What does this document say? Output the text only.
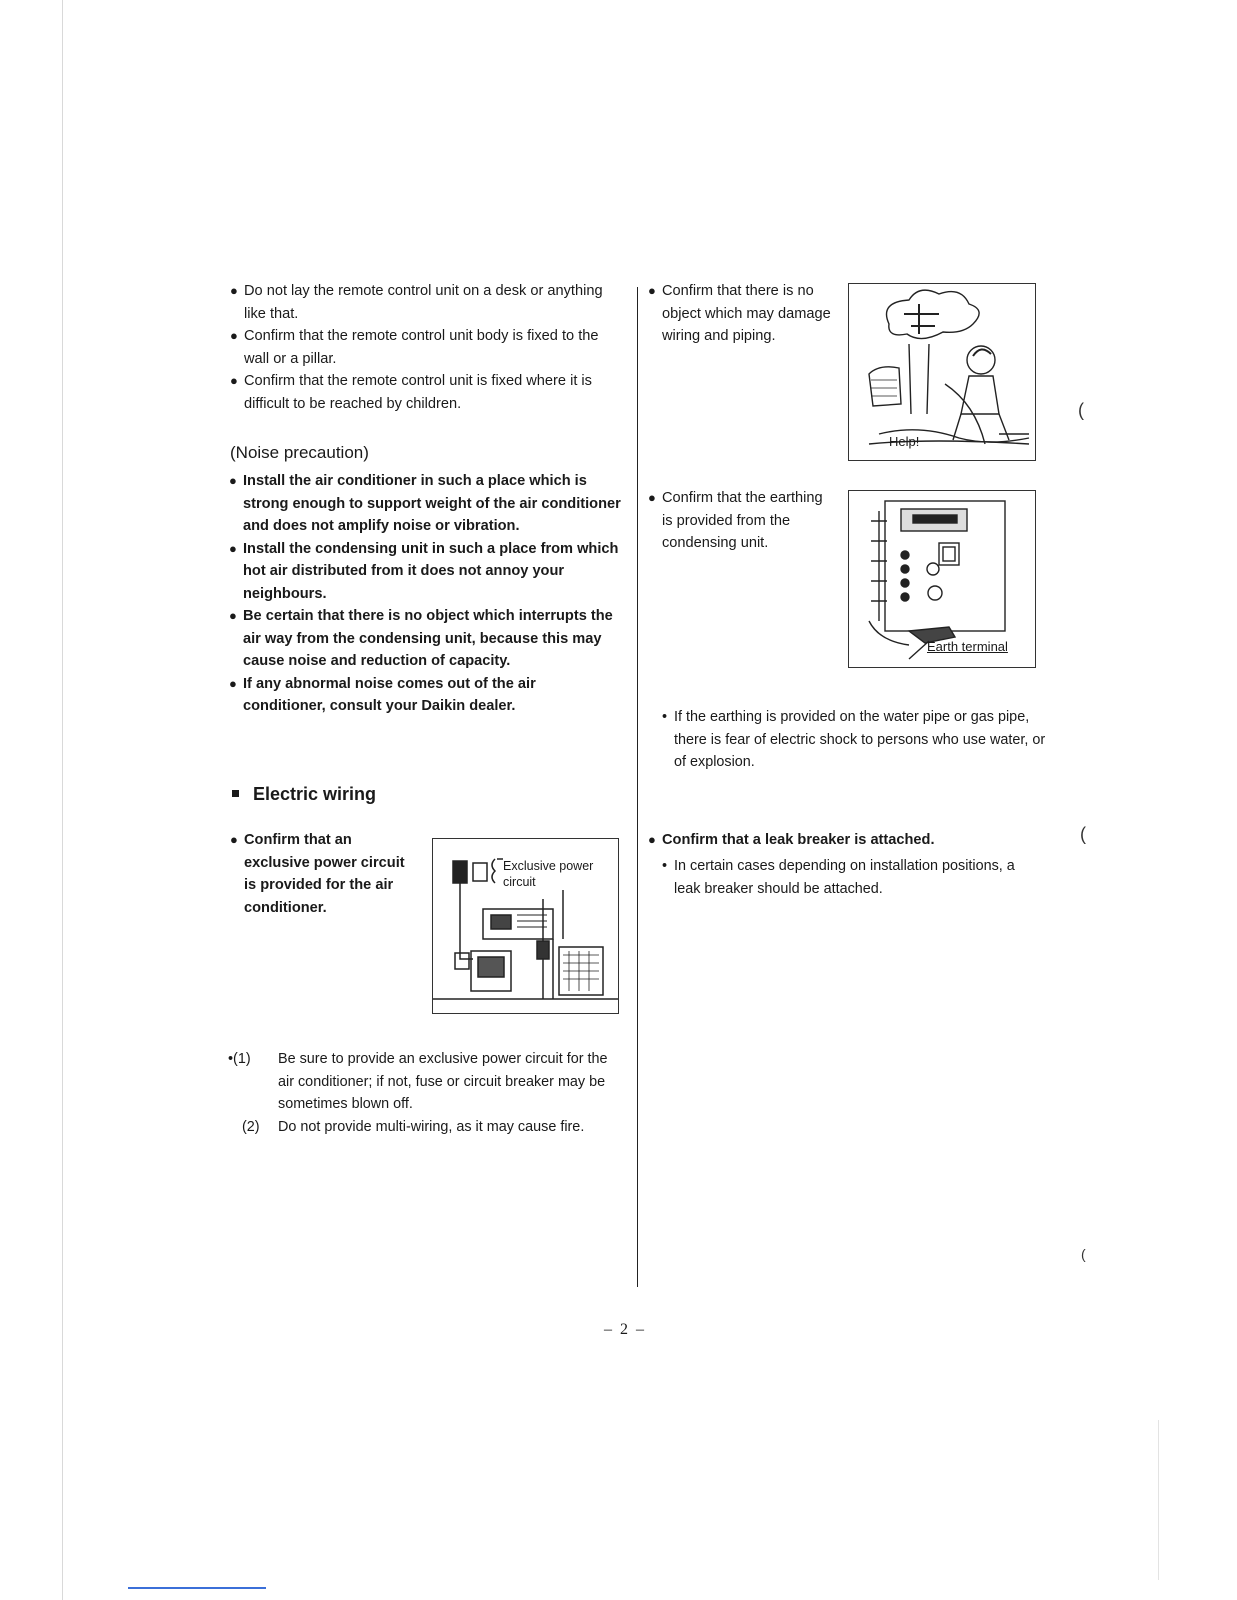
● Do not lay the remote control unit on a desk or anything like that.
● Confirm that the remote control unit body is fixed to the wall or a pillar.
● Confirm that the remote control unit is fixed where it is difficult to be reached by children.
(Noise precaution)
● Install the air conditioner in such a place which is strong enough to support weight of the air conditioner and does not amplify noise or vibration.
● Install the condensing unit in such a place from which hot air distributed from it does not annoy your neighbours.
● Be certain that there is no object which interrupts the air way from the condensing unit, because this may cause noise and reduction of capacity.
● If any abnormal noise comes out of the air conditioner, consult your Daikin dealer.
Electric wiring
● Confirm that an exclusive power circuit is provided for the air conditioner.
Exclusive power circuit
•(1) Be sure to provide an exclusive power circuit for the air conditioner; if not, fuse or circuit breaker may be sometimes blown off.
(2) Do not provide multi-wiring, as it may cause fire.
● Confirm that there is no object which may damage wiring and piping.
Help!
● Confirm that the earthing is provided from the condensing unit.
Earth terminal
• If the earthing is provided on the water pipe or gas pipe, there is fear of electric shock to persons who use water, or of explosion.
● Confirm that a leak breaker is attached.
• In certain cases depending on installation positions, a leak breaker should be attached.
– 2 –
(
(
(
